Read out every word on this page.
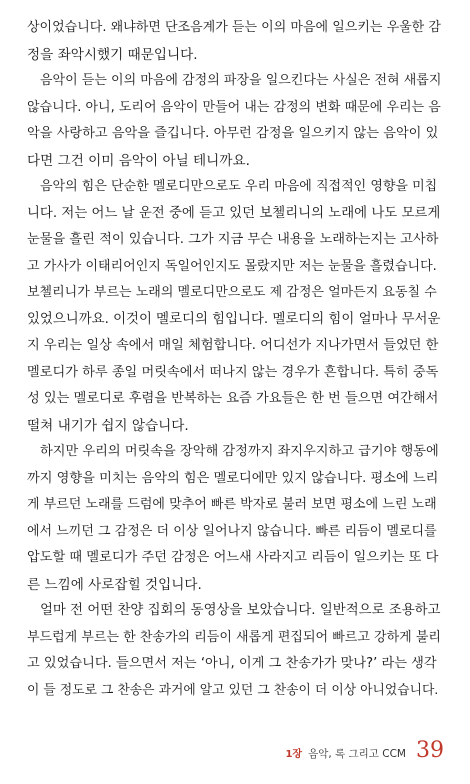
상이었습니다. 왜냐하면 단조음계가 듣는 이의 마음에 일으키는 우울한 감
정을 좌악시했기 때문입니다.

음악이 듣는 이의 마음에 감정의 파장을 일으킨다는 사실은 전혀 새롭지
않습니다. 아니, 도리어 음악이 만들어 내는 감정의 변화 때문에 우리는 음
악을 사랑하고 음악을 즐깁니다. 아무런 감정을 일으키지 않는 음악이 있
다면 그건 이미 음악이 아닐 테니까요.

음악의 힘은 단순한 멜로디만으로도 우리 마음에 직접적인 영향을 미칩
니다. 저는 어느 날 운전 중에 듣고 있던 보첼리니의 노래에 나도 모르게
눈물을 흘린 적이 있습니다. 그가 지금 무슨 내용을 노래하는지는 고사하
고 가사가 이태리어인지 독일어인지도 몰랐지만 저는 눈물을 흘렸습니다.
보첼리니가 부르는 노래의 멜로디만으로도 제 감정은 얼마든지 요동칠 수
있었으니까요. 이것이 멜로디의 힘입니다. 멜로디의 힘이 얼마나 무서운
지 우리는 일상 속에서 매일 체험합니다. 어디선가 지나가면서 들었던 한
멜로디가 하루 종일 머릿속에서 떠나지 않는 경우가 흔합니다. 특히 중독
성 있는 멜로디로 후렴을 반복하는 요즘 가요들은 한 번 들으면 여간해서
떨쳐 내기가 쉽지 않습니다.

하지만 우리의 머릿속을 장악해 감정까지 좌지우지하고 급기야 행동에
까지 영향을 미치는 음악의 힘은 멜로디에만 있지 않습니다. 평소에 느리
게 부르던 노래를 드럼에 맞추어 빠른 박자로 불러 보면 평소에 느린 노래
에서 느끼던 그 감정은 더 이상 일어나지 않습니다. 빠른 리듬이 멜로디를
압도할 때 멜로디가 주던 감정은 어느새 사라지고 리듬이 일으키는 또 다
른 느낌에 사로잡힐 것입니다.

얼마 전 어떤 찬양 집회의 동영상을 보았습니다. 일반적으로 조용하고
부드럽게 부르는 한 찬송가의 리듬이 새롭게 편집되어 빠르고 강하게 불리
고 있었습니다. 들으면서 저는 ‘아니, 이게 그 찬송가가 맞나?’ 라는 생각
이 들 정도로 그 찬송은 과거에 알고 있던 그 찬송이 더 이상 아니었습니다.

1장 음악, 록 그리고 CCM 39
